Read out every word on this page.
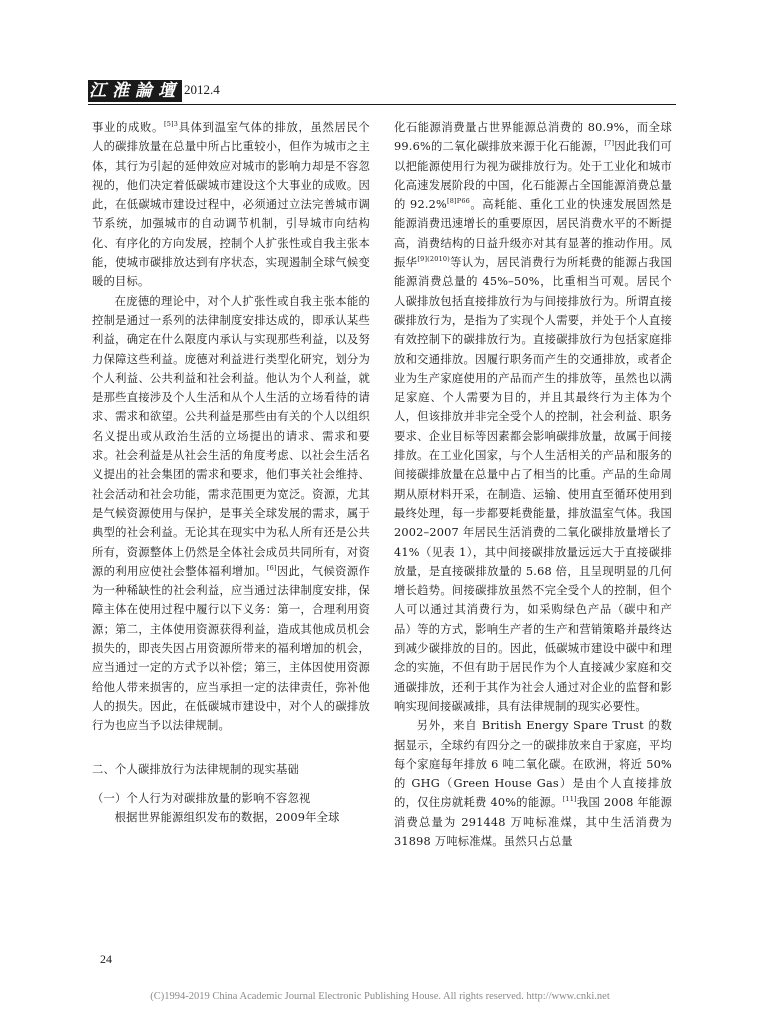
江淮論壇 2012.4

事业的成败。$^{[5]3}$具体到温室气体的排放，虽然居民个人的碳排放量在总量中所占比重较小，但作为城市之主体，其行为引起的延伸效应对城市的影响力却是不容忽视的，他们决定着低碳城市建设这个大事业的成败。因此，在低碳城市建设过程中，必须通过立法完善城市调节系统，加强城市的自动调节机制，引导城市向结构化、有序化的方向发展，控制个人扩张性或自我主张本能，使城市碳排放达到有序状态，实现遏制全球气候变暖的目标。

在庞德的理论中，对个人扩张性或自我主张本能的控制是通过一系列的法律制度安排达成的，即承认某些利益，确定在什么限度内承认与实现那些利益，以及努力保障这些利益。庞德对利益进行类型化研究，划分为个人利益、公共利益和社会利益。他认为个人利益，就是那些直接涉及个人生活和从个人生活的立场看待的请求、需求和欲望。公共利益是那些由有关的个人以组织名义提出或从政治生活的立场提出的请求、需求和要求。社会利益是从社会生活的角度考虑、以社会生活名义提出的社会集团的需求和要求，他们事关社会维持、社会活动和社会功能，需求范围更为宽泛。资源，尤其是气候资源使用与保护，是事关全球发展的需求，属于典型的社会利益。无论其在现实中为私人所有还是公共所有，资源整体上仍然是全体社会成员共同所有，对资源的利用应使社会整体福利增加。[6]因此，气候资源作为一种稀缺性的社会利益，应当通过法律制度安排，保障主体在使用过程中履行以下义务：第一，合理利用资源；第二，主体使用资源获得利益，造成其他成员机会损失的，即丧失因占用资源所带来的福利增加的机会，应当通过一定的方式予以补偿；第三，主体因使用资源给他人带来损害的，应当承担一定的法律责任，弥补他人的损失。因此，在低碳城市建设中，对个人的碳排放行为也应当予以法律规制。

二、个人碳排放行为法律规制的现实基础

（一）个人行为对碳排放量的影响不容忽视

根据世界能源组织发布的数据，2009年全球

化石能源消费量占世界能源总消费的 80.9%，而全球 99.6%的二氧化碳排放来源于化石能源，[7]因此我们可以把能源使用行为视为碳排放行为。处于工业化和城市化高速发展阶段的中国，化石能源占全国能源消费总量的 92.2%$^{[8]P66}$。高耗能、重化工业的快速发展固然是能源消费迅速增长的重要原因，居民消费水平的不断提高，消费结构的日益升级亦对其有显著的推动作用。凤振华$^{[9](2010)}$等认为，居民消费行为所耗费的能源占我国能源消费总量的 45%–50%，比重相当可观。居民个人碳排放包括直接排放行为与间接排放行为。所谓直接碳排放行为，是指为了实现个人需要，并处于个人直接有效控制下的碳排放行为。直接碳排放行为包括家庭排放和交通排放。因履行职务而产生的交通排放，或者企业为生产家庭使用的产品而产生的排放等，虽然也以满足家庭、个人需要为目的，并且其最终行为主体为个人，但该排放并非完全受个人的控制，社会利益、职务要求、企业目标等因素都会影响碳排放量，故属于间接排放。在工业化国家，与个人生活相关的产品和服务的间接碳排放量在总量中占了相当的比重。产品的生命周期从原材料开采，在制造、运输、使用直至循环使用到最终处理，每一步都要耗费能量，排放温室气体。我国 2002–2007 年居民生活消费的二氧化碳排放量增长了 41%（见表 1），其中间接碳排放量远远大于直接碳排放量，是直接碳排放量的 5.68 倍，且呈现明显的几何增长趋势。间接碳排放虽然不完全受个人的控制，但个人可以通过其消费行为，如采购绿色产品（碳中和产品）等的方式，影响生产者的生产和营销策略并最终达到减少碳排放的目的。因此，低碳城市建设中碳中和理念的实施，不但有助于居民作为个人直接减少家庭和交通碳排放，还利于其作为社会人通过对企业的监督和影响实现间接碳减排，具有法律规制的现实必要性。

另外，来自 British Energy Spare Trust 的数据显示，全球约有四分之一的碳排放来自于家庭，平均每个家庭每年排放 6 吨二氧化碳。在欧洲，将近 50%的 GHG（Green House Gas）是由个人直接排放的，仅住房就耗费 40%的能源。[11]我国 2008 年能源消费总量为 291448 万吨标准煤，其中生活消费为 31898 万吨标准煤。虽然只占总量

24
(C)1994-2019 China Academic Journal Electronic Publishing House. All rights reserved. http://www.cnki.net
